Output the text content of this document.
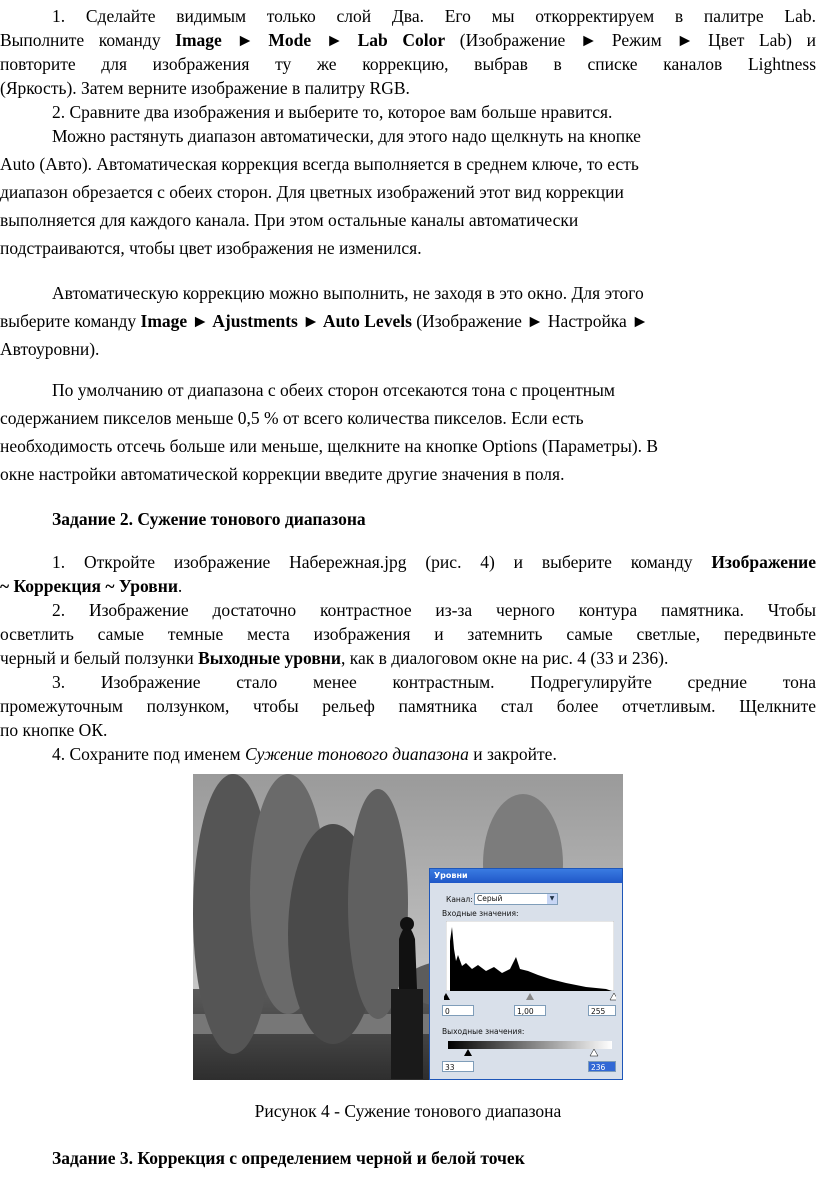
1. Сделайте видимым только слой Два. Его мы откорректируем в палитре Lab.
Выполните команду Image ► Mode ► Lab Color (Изображение ► Режим ► Цвет Lab) и
повторите для изображения ту же коррекцию, выбрав в списке каналов Lightness
(Яркость). Затем верните изображение в палитру RGB.
2. Сравните два изображения и выберите то, которое вам больше нравится.
Можно растянуть диапазон автоматически, для этого надо щелкнуть на кнопке
Auto (Авто). Автоматическая коррекция всегда выполняется в среднем ключе, то есть
диапазон обрезается с обеих сторон. Для цветных изображений этот вид коррекции
выполняется для каждого канала. При этом остальные каналы автоматически
подстраиваются, чтобы цвет изображения не изменился.
Автоматическую коррекцию можно выполнить, не заходя в это окно. Для этого
выберите команду Image ► Ajustments ► Auto Levels (Изображение ► Настройка ►
Автоуровни).
По умолчанию от диапазона с обеих сторон отсекаются тона с процентным
содержанием пикселов меньше 0,5 % от всего количества пикселов. Если есть
необходимость отсечь больше или меньше, щелкните на кнопке Options (Параметры). В
окне настройки автоматической коррекции введите другие значения в поля.
Задание 2. Сужение тонового диапазона
1. Откройте изображение Набережная.jpg (рис. 4) и выберите команду Изображение
~ Коррекция ~ Уровни.
2. Изображение достаточно контрастное из-за черного контура памятника. Чтобы
осветлить самые темные места изображения и затемнить самые светлые, передвиньте
черный и белый ползунки Выходные уровни, как в диалоговом окне на рис. 4 (33 и 236).
3. Изображение стало менее контрастным. Подрегулируйте средние тона
промежуточным ползунком, чтобы рельеф памятника стал более отчетливым. Щелкните
по кнопке ОК.
4. Сохраните под именем Сужение тонового диапазона и закройте.
Уровни
Канал: Серый	▼
Входные значения:
0	1,00	255
Выходные значения:
33	236
Рисунок 4 - Сужение тонового диапазона
Задание 3. Коррекция с определением черной и белой точек
